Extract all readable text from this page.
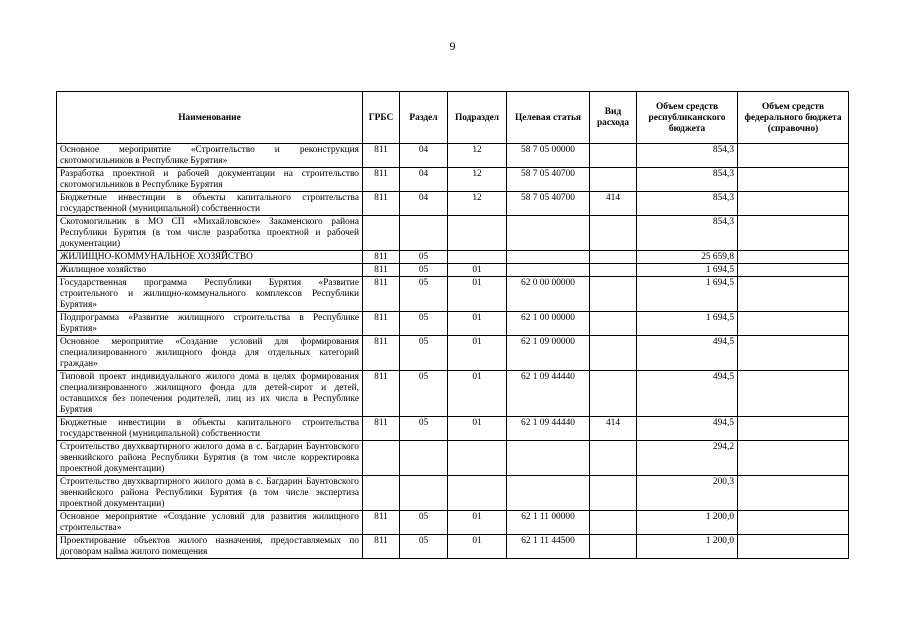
9
Наименование	ГРБС	Раздел	Подраздел	Целевая статья	Вид расхода	Объем средств республиканского бюджета	Объем средств федерального бюджета (справочно)
Основное мероприятие «Строительство и реконструкция скотомогильников в Республике Бурятия»	811	04	12	58 7 05 00000		854,3	
Разработка проектной и рабочей документации на строительство скотомогильников в Республике Бурятия	811	04	12	58 7 05 40700		854,3	
Бюджетные инвестиции в объекты капитального строительства государственной (муниципальной) собственности	811	04	12	58 7 05 40700	414	854,3	
Скотомогильник в МО СП «Михайловское» Закаменского района Республики Бурятия (в том числе разработка проектной и рабочей документации)						854,3	
ЖИЛИЩНО-КОММУНАЛЬНОЕ ХОЗЯЙСТВО	811	05				25 659,8	
Жилищное хозяйство	811	05	01			1 694,5	
Государственная программа Республики Бурятия «Развитие строительного и жилищно-коммунального комплексов Республики Бурятия»	811	05	01	62 0 00 00000		1 694,5	
Подпрограмма «Развитие жилищного строительства в Республике Бурятия»	811	05	01	62 1 00 00000		1 694,5	
Основное мероприятие «Создание условий для формирования специализированного жилищного фонда для отдельных категорий граждан»	811	05	01	62 1 09 00000		494,5	
Типовой проект индивидуального жилого дома в целях формирования специализированного жилищного фонда для детей-сирот и детей, оставшихся без попечения родителей, лиц из их числа в Республике Бурятия	811	05	01	62 1 09 44440		494,5	
Бюджетные инвестиции в объекты капитального строительства государственной (муниципальной) собственности	811	05	01	62 1 09 44440	414	494,5	
Строительство двухквартирного жилого дома в с. Багдарин Баунтовского эвенкийского района Республики Бурятия (в том числе корректировка проектной документации)						294,2	
Строительство двухквартирного жилого дома в с. Багдарин Баунтовского эвенкийского района Республики Бурятия (в том числе экспертиза проектной документации)						200,3	
Основное мероприятие «Создание условий для развития жилищного строительства»	811	05	01	62 1 11 00000		1 200,0	
Проектирование объектов жилого назначения, предоставляемых по договорам найма жилого помещения	811	05	01	62 1 11 44500		1 200,0	
